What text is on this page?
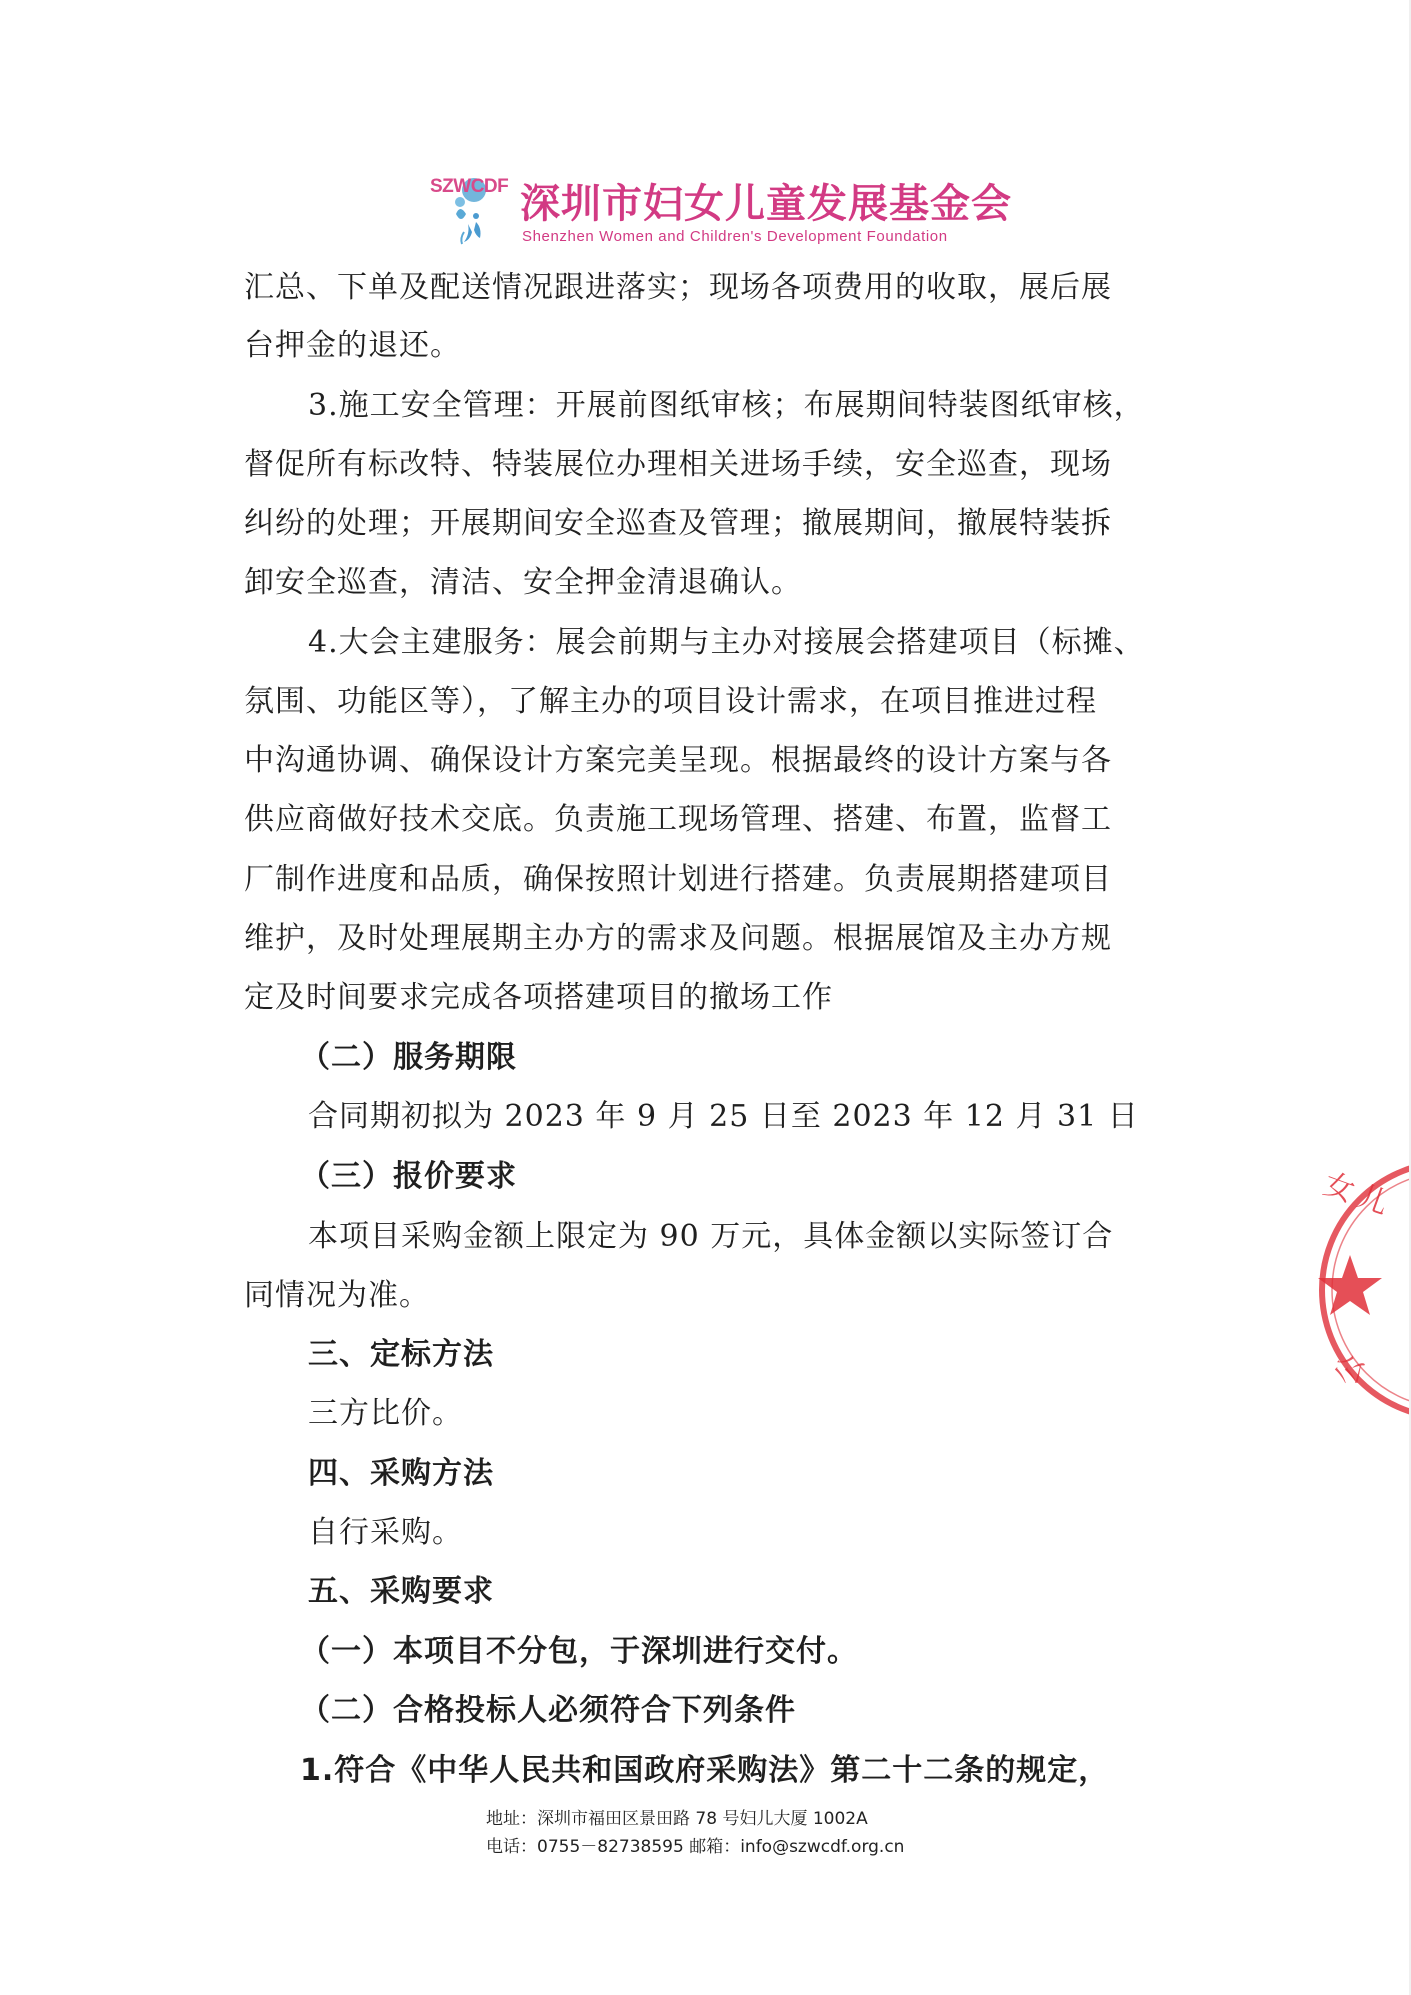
SZWCDF 深圳市妇女儿童发展基金会
Shenzhen Women and Children's Development Foundation
汇总、下单及配送情况跟进落实；现场各项费用的收取，展后展
台押金的退还。
3.施工安全管理：开展前图纸审核；布展期间特装图纸审核，
督促所有标改特、特装展位办理相关进场手续，安全巡查，现场
纠纷的处理；开展期间安全巡查及管理；撤展期间，撤展特装拆
卸安全巡查，清洁、安全押金清退确认。
4.大会主建服务：展会前期与主办对接展会搭建项目（标摊、
氛围、功能区等），了解主办的项目设计需求，在项目推进过程
中沟通协调、确保设计方案完美呈现。根据最终的设计方案与各
供应商做好技术交底。负责施工现场管理、搭建、布置，监督工
厂制作进度和品质，确保按照计划进行搭建。负责展期搭建项目
维护，及时处理展期主办方的需求及问题。根据展馆及主办方规
定及时间要求完成各项搭建项目的撤场工作
（二）服务期限
合同期初拟为 2023 年 9 月 25 日至 2023 年 12 月 31 日
（三）报价要求
本项目采购金额上限定为 90 万元，具体金额以实际签订合
同情况为准。
三、定标方法
三方比价。
四、采购方法
自行采购。
五、采购要求
（一）本项目不分包，于深圳进行交付。
（二）合格投标人必须符合下列条件
1.符合《中华人民共和国政府采购法》第二十二条的规定，
公
女儿
地址：深圳市福田区景田路 78 号妇儿大厦 1002A
电话：0755－82738595 邮箱：info@szwcdf.org.cn
